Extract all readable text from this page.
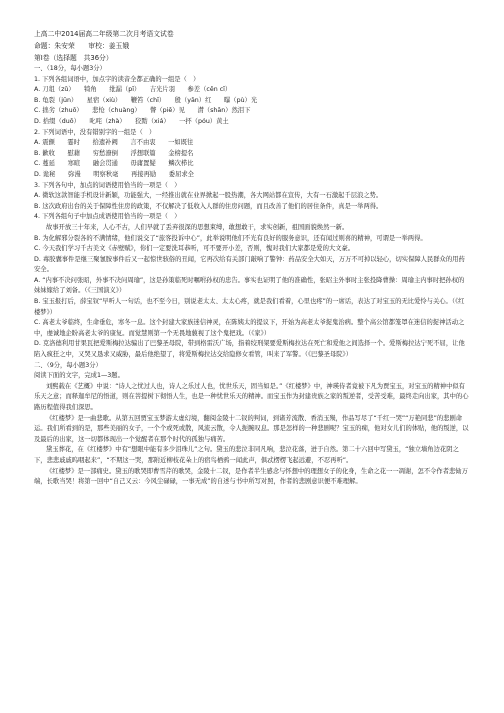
上高二中2014届高二年级第二次月考语文试卷

命题：朱安荣　　审校：姜玉娥

第Ⅰ卷（选择题　共36分）

一、（18分，每小题3分）

1. 下列各组词语中，加点字的读音全都正确的一组是（　）

A. 刀俎（zǔ）　　犄角　　纰漏（pī）　　吉光片羽　　参差（cēn cī）

B. 龟裂（jūn）　　星宿（xiù）　　鞭笞（chī）　　殷（yān）红　　曝（pù）光

C. 拙劣（zhuō）　　悲怆（chuàng）　　瞥（piē）见　　潸（shān）然泪下

D. 拾缀（duō）　　叱咤（zhà）　　狡黠（xiá）　　一抔（póu）黄土

2. 下列词语中，没有错别字的一组是（　）

A. 震颤　　霎时　　拾遗补阙　　言不由衷　　一如既往

B. 歉收　　慰藉　　穷愁潦倒　　浮想联篇　　金榜提名

C. 蔓延　　寒暄　　融会贯通　　毋庸置疑　　鳞次栉比

D. 诡秘　　弥漫　　明察秋毫　　再接再励　　委屈求全

3. 下列各句中，加点的词语使用恰当的一项是（　）

A. 微软这款智能手机设计新颖，功能强大，一经推出就在业界掀起一股热潮，各大网站都在宣传，大有一石激起千层浪之势。

B. 这次政府出台的关于保障性住房的政策，不仅解决了低收入人群的住房问题，而且改善了他们的居住条件，真是一举两得。

4. 下列各组句子中加点成语使用恰当的一项是（　）

故事开放三十年来，人心不古，人们早就了丢弃很深的思想束缚，敢想敢干，求实创新，祖国面貌焕然一新。

B. 为化解邪分裂各的不满情绪，他们说交了“旅客投诉中心”，此举说明他们不光有良好的服务意识，还有闻过则喜的精神，可谓是一举两得。

C. 今天我们学习千古美文《赤壁赋》，你们一定要洗耳恭听，可不要开小差，否则，愧对我们大家都是爱的大文豪。

D. 毒胶囊事件是继三聚氰胺事件后又一起惊世骇俗的丑闻，它再次给有关部门敲响了警钟：药品安全大如天，万万不可掉以轻心，切实保障人民群众的用药安全。

A. “内事不决问张昭，外事不决问周瑜”，这是孙策临死时嘱咐孙权的忠告。事实也证明了他的准确性，张昭主外事时主张投降曹操：周瑜主内事时把孙权的妹妹嫁给了刘备。（《三国演义》）

B. 宝玉报打后，薛宝钗“早听人一句话，也不至今日，别说老太太、太太心疼，就是我们看着，心里也疼”的一席话，表达了对宝玉的无比爱怜与关心。（《红楼梦》）

C. 高老太爷临终，生命垂危，寒冬一息。这个封建大家族迷信神灵，在陈姨太的提议下，开始为高老太爷捉鬼治病。整个高公馆都笼罩在迷信的捉神活动之中，虔诚地企盼高老太爷的康复。而觉慧则第一个无畏地藐视了这个鬼把戏。（《家》）

D. 克洛德利用甘果瓦把爱斯梅拉达骗出了巴黎圣母院，带到格雷沃广场，指着绞刑架要爱斯梅拉达在死亡和爱他之间选择一个。爱斯梅拉达宁死不屈，让他陷入疯狂之中，又哭又恳求又威胁，最后他绝望了，将爱斯梅拉达交给隐修女看管，叫来了军警。（《巴黎圣母院》）

二、（9分，每小题3分）

阅读下面的文字，完成1—3题。

刘熙载在《艺概》中说：“诗人之忧过人也，诗人之乐过人也，忧世乐天，固当如是。”《红楼梦》中，神瑛侍者竟被下凡为贾宝玉，对宝玉的精神中似有乐天之意；而释迦牟尼的悟道，则在菩提树下彻悟人生，也是一种忧世乐天的精神。而宝玉作为封建贵族之家的叛逆者，受苦受难，最终走向出家，其中的心路历程值得我们深思。

《红楼梦》是一曲悲歌。从第五回贾宝玉梦游太虚幻境，翻阅金陵十二钗的判词，到诸芳流散、香消玉殒，作品写尽了“千红一哭”“万艳同悲”的悲剧命运。我们所看到的是，那些美丽的女子，一个个或死或散，风流云散，令人扼腕叹息。那是怎样的一种悲剧呢？宝玉的痴，他对女儿们的体贴，他的叛逆，以及最后的出家，这一切都体现出一个觉醒者在那个时代的孤独与痛苦。

黛玉葬花，在《红楼梦》中有“想眼中能有多少泪珠儿”之句。黛玉的悲泣非同凡响，悲泣花落，迸于自然。第二十六回中写黛玉，“独立墙角边花阴之下，悲悲戚戚呜咽起来”，“不期这一哭，那附近柳枝花朵上的宿鸟栖鸦一闻此声，俱忒楞楞飞起远避，不忍再听”。

《红楼梦》是一部痛史。黛玉的歌哭即曹雪芹的歌哭，金陵十二钗，是作者半生感念与怀想中的理想女子的化身，生命之花一一凋谢，怎不令作者悲恸万端，长歌当哭！将第一回中“自己又云：今风尘碌碌，一事无成”的自述与书中所写对照，作者的悲剧意识便不难理解。
